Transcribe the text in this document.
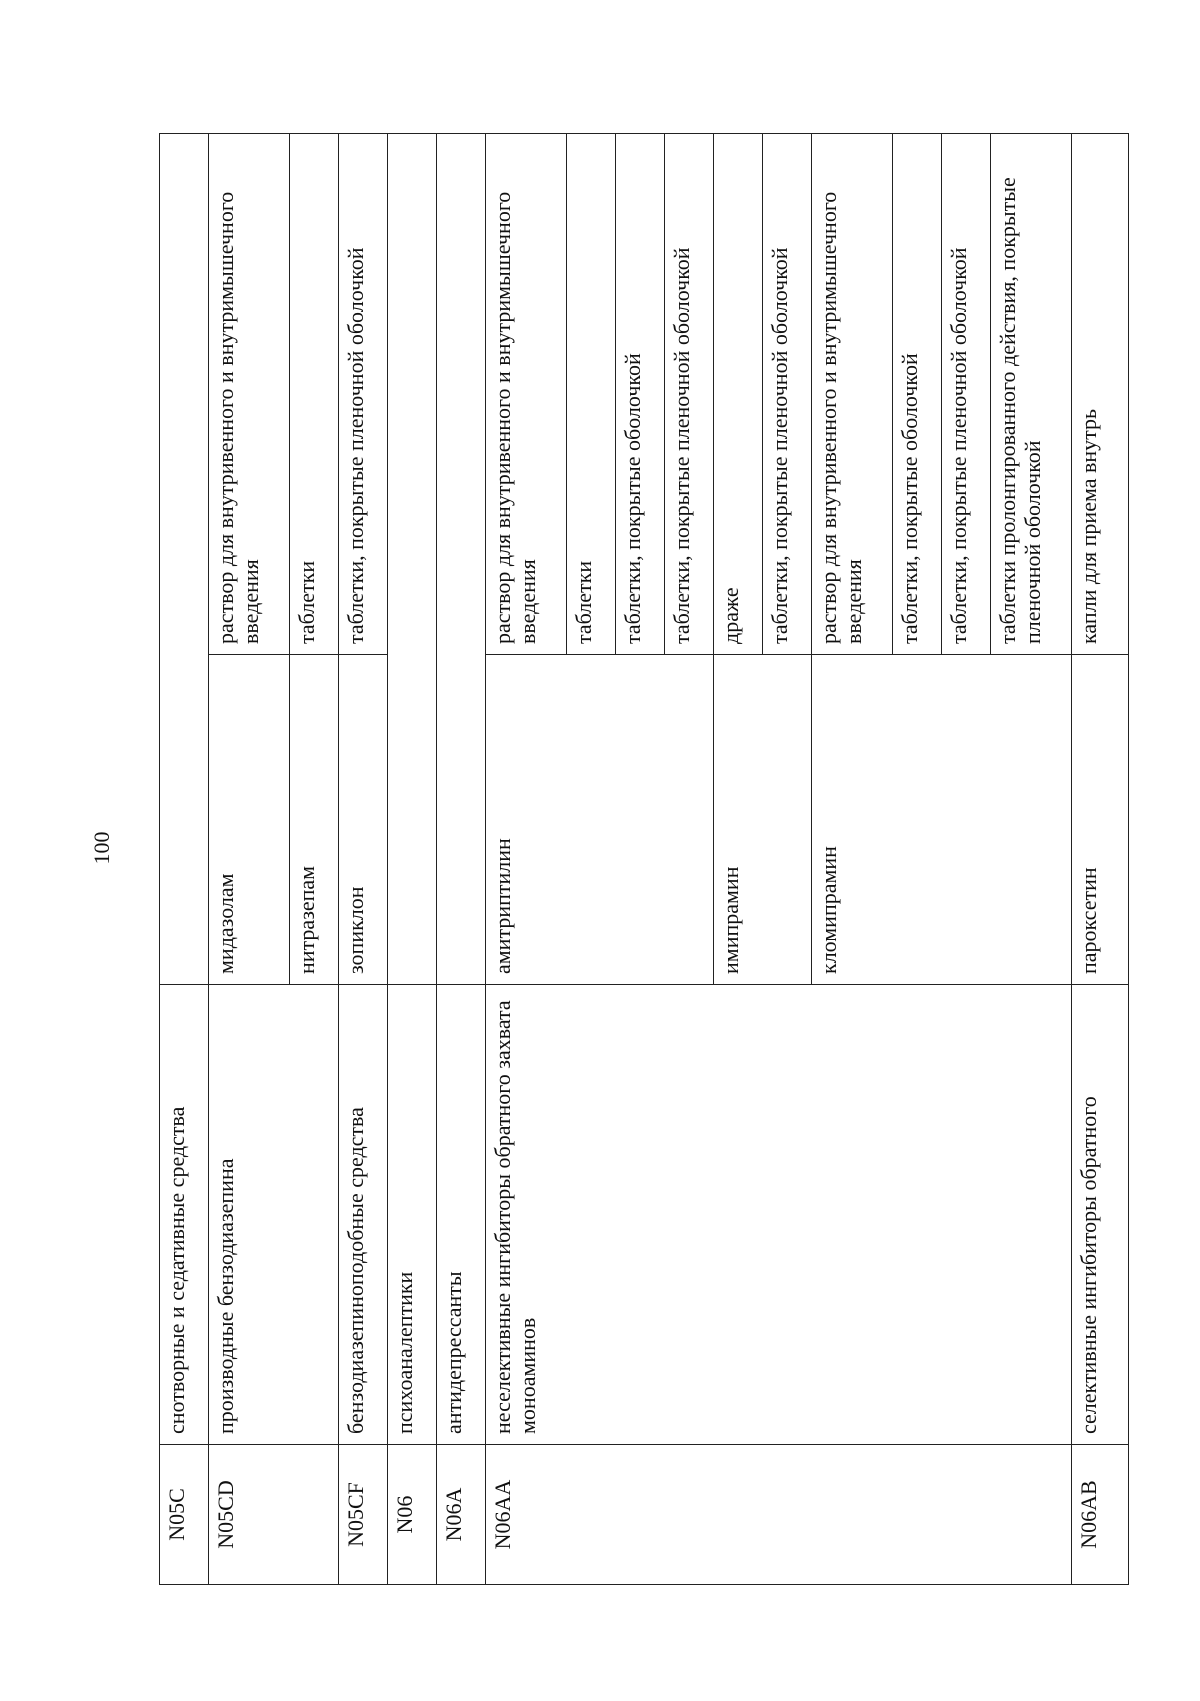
100
N05C	снотворные и седативные средства		
N05CD	производные бензодиазепина	мидазолам	раствор для внутривенного и внутримышечного введения
		нитразепам	таблетки
N05CF	бензодиазепиноподобные средства	зопиклон	таблетки, покрытые пленочной оболочкой
N06	психоаналептики		
N06A	антидепрессанты		
N06AA	неселективные ингибиторы обратного захвата моноаминов	амитриптилин	раствор для внутривенного и внутримышечного введения
			таблетки
			таблетки, покрытые оболочкой
			таблетки, покрытые пленочной оболочкой
		имипрамин	драже
			таблетки, покрытые пленочной оболочкой
		кломипрамин	раствор для внутривенного и внутримышечного введения
			таблетки, покрытые оболочкой
			таблетки, покрытые пленочной оболочкой
			таблетки пролонгированного действия, покрытые пленочной оболочкой
N06AB	селективные ингибиторы обратного	пароксетин	капли для приема внутрь
